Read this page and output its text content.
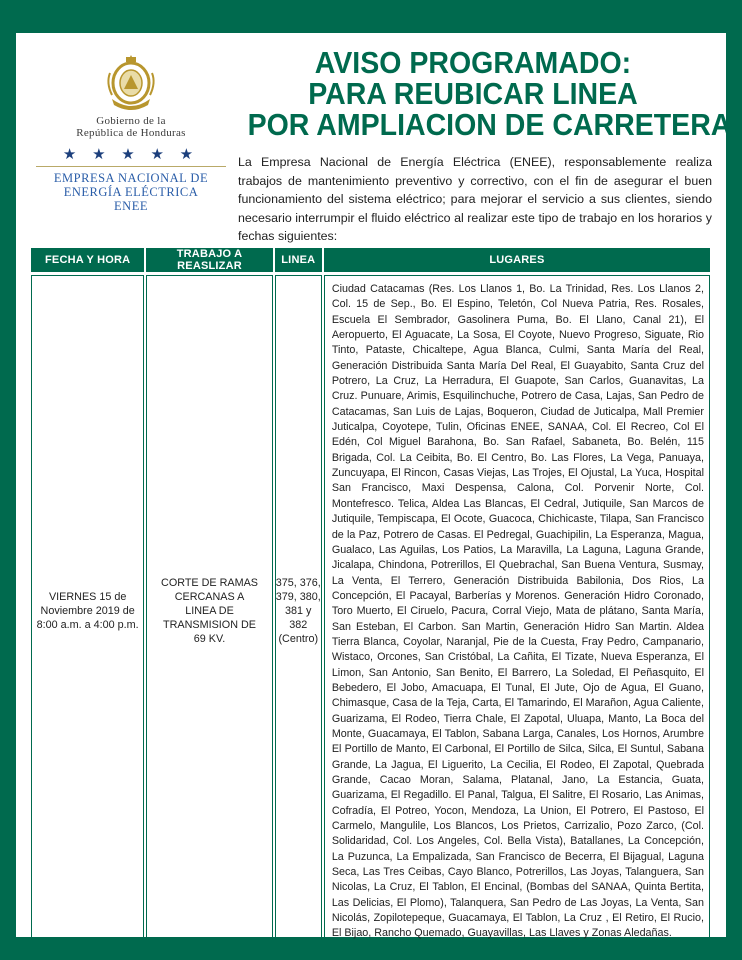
Gobierno de la
República de Honduras
★ ★ ★ ★ ★
EMPRESA NACIONAL DE
ENERGÍA ELÉCTRICA
ENEE
AVISO PROGRAMADO:
PARA REUBICAR LINEA
POR AMPLIACION DE CARRETERA
La Empresa Nacional de Energía Eléctrica (ENEE), responsablemente realiza trabajos de mantenimiento preventivo y correctivo, con el fin de asegurar el buen funcionamiento del sistema eléctrico; para mejorar el servicio a sus clientes, siendo necesario interrumpir el fluido eléctrico al realizar este tipo de trabajo en los horarios y fechas siguientes:
FECHA Y HORA	TRABAJO A REASLIZAR	LINEA	LUGARES
VIERNES 15 de Noviembre 2019 de 8:00 a.m. a 4:00 p.m.	CORTE DE RAMAS CERCANAS A LINEA DE TRANSMISION DE 69 KV.	375, 376, 379, 380, 381 y 382 (Centro)	Ciudad Catacamas (Res. Los Llanos 1, Bo. La Trinidad, Res. Los Llanos 2, Col. 15 de Sep., Bo. El Espino, Teletón, Col Nueva Patria, Res. Rosales, Escuela El Sembrador, Gasolinera Puma, Bo. El Llano, Canal 21), El Aeropuerto, El Aguacate, La Sosa, El Coyote, Nuevo Progreso, Siguate, Rio Tinto, Pataste, Chicaltepe, Agua Blanca, Culmi, Santa María del Real, Generación Distribuida Santa María Del Real, El Guayabito, Santa Cruz del Potrero, La Cruz, La Herradura, El Guapote, San Carlos, Guanavitas, La Cruz. Punuare, Arimis, Esquilinchuche, Potrero de Casa, Lajas, San Pedro de Catacamas, San Luis de Lajas, Boqueron, Ciudad de Juticalpa, Mall Premier Juticalpa, Coyotepe, Tulin, Oficinas ENEE, SANAA, Col. El Recreo, Col El Edén, Col Miguel Barahona, Bo. San Rafael, Sabaneta, Bo. Belén, 115 Brigada, Col. La Ceibita, Bo. El Centro, Bo. Las Flores, La Vega, Panuaya, Zuncuyapa, El Rincon, Casas Viejas, Las Trojes, El Ojustal, La Yuca, Hospital San Francisco, Maxi Despensa, Calona, Col. Porvenir Norte, Col. Montefresco. Telica, Aldea Las Blancas, El Cedral, Jutiquile, San Marcos de Jutiquile, Tempiscapa, El Ocote, Guacoca, Chichicaste, Tilapa, San Francisco de la Paz, Potrero de Casas. El Pedregal, Guachipilin, La Esperanza, Magua, Gualaco, Las Aguilas, Los Patios, La Maravilla, La Laguna, Laguna Grande, Jicalapa, Chindona, Potrerillos, El Quebrachal, San Buena Ventura, Susmay, La Venta, El Terrero, Generación Distribuida Babilonia, Dos Rios, La Concepción, El Pacayal, Barberías y Morenos. Generación Hidro Coronado, Toro Muerto, El Ciruelo, Pacura, Corral Viejo, Mata de plátano, Santa María, San Esteban, El Carbon. San Martin, Generación Hidro San Martin. Aldea Tierra Blanca, Coyolar, Naranjal, Pie de la Cuesta, Fray Pedro, Campanario, Wistaco, Orcones, San Cristóbal, La Cañita, El Tizate, Nueva Esperanza, El Limon, San Antonio, San Benito, El Barrero, La Soledad, El Peñasquito, El Bebedero, El Jobo, Amacuapa, El Tunal, El Jute, Ojo de Agua, El Guano, Chimasque, Casa de la Teja, Carta, El Tamarindo, El Marañon, Agua Caliente, Guarizama, El Rodeo, Tierra Chale, El Zapotal, Uluapa, Manto, La Boca del Monte, Guacamaya, El Tablon, Sabana Larga, Canales, Los Hornos, Arumbre El Portillo de Manto, El Carbonal, El Portillo de Silca, Silca, El Suntul, Sabana Grande, La Jagua, El Liguerito, La Cecilia, El Rodeo, El Zapotal, Quebrada Grande, Cacao Moran, Salama, Platanal, Jano, La Estancia, Guata, Guarizama, El Regadillo. El Panal, Talgua, El Salitre, El Rosario, Las Animas, Cofradía, El Potreo, Yocon, Mendoza, La Union, El Potrero, El Pastoso, El Carmelo, Mangulile, Los Blancos, Los Prietos, Carrizalio, Pozo Zarco, (Col. Solidaridad, Col. Los Angeles, Col. Bella Vista), Batallanes, La Concepción, La Puzunca, La Empalizada, San Francisco de Becerra, El Bijagual, Laguna Seca, Las Tres Ceibas, Cayo Blanco, Potrerillos, Las Joyas, Talanguera, San Nicolas, La Cruz, El Tablon, El Encinal, (Bombas del SANAA, Quinta Bertita, Las Delicias, El Plomo), Talanquera, San Pedro de Las Joyas, La Venta, San Nicolás, Zopilotepeque, Guacamaya, El Tablon, La Cruz , El Retiro, El Rucio, El Bijao, Rancho Quemado, Guayavillas, Las Llaves y Zonas Aledañas.
